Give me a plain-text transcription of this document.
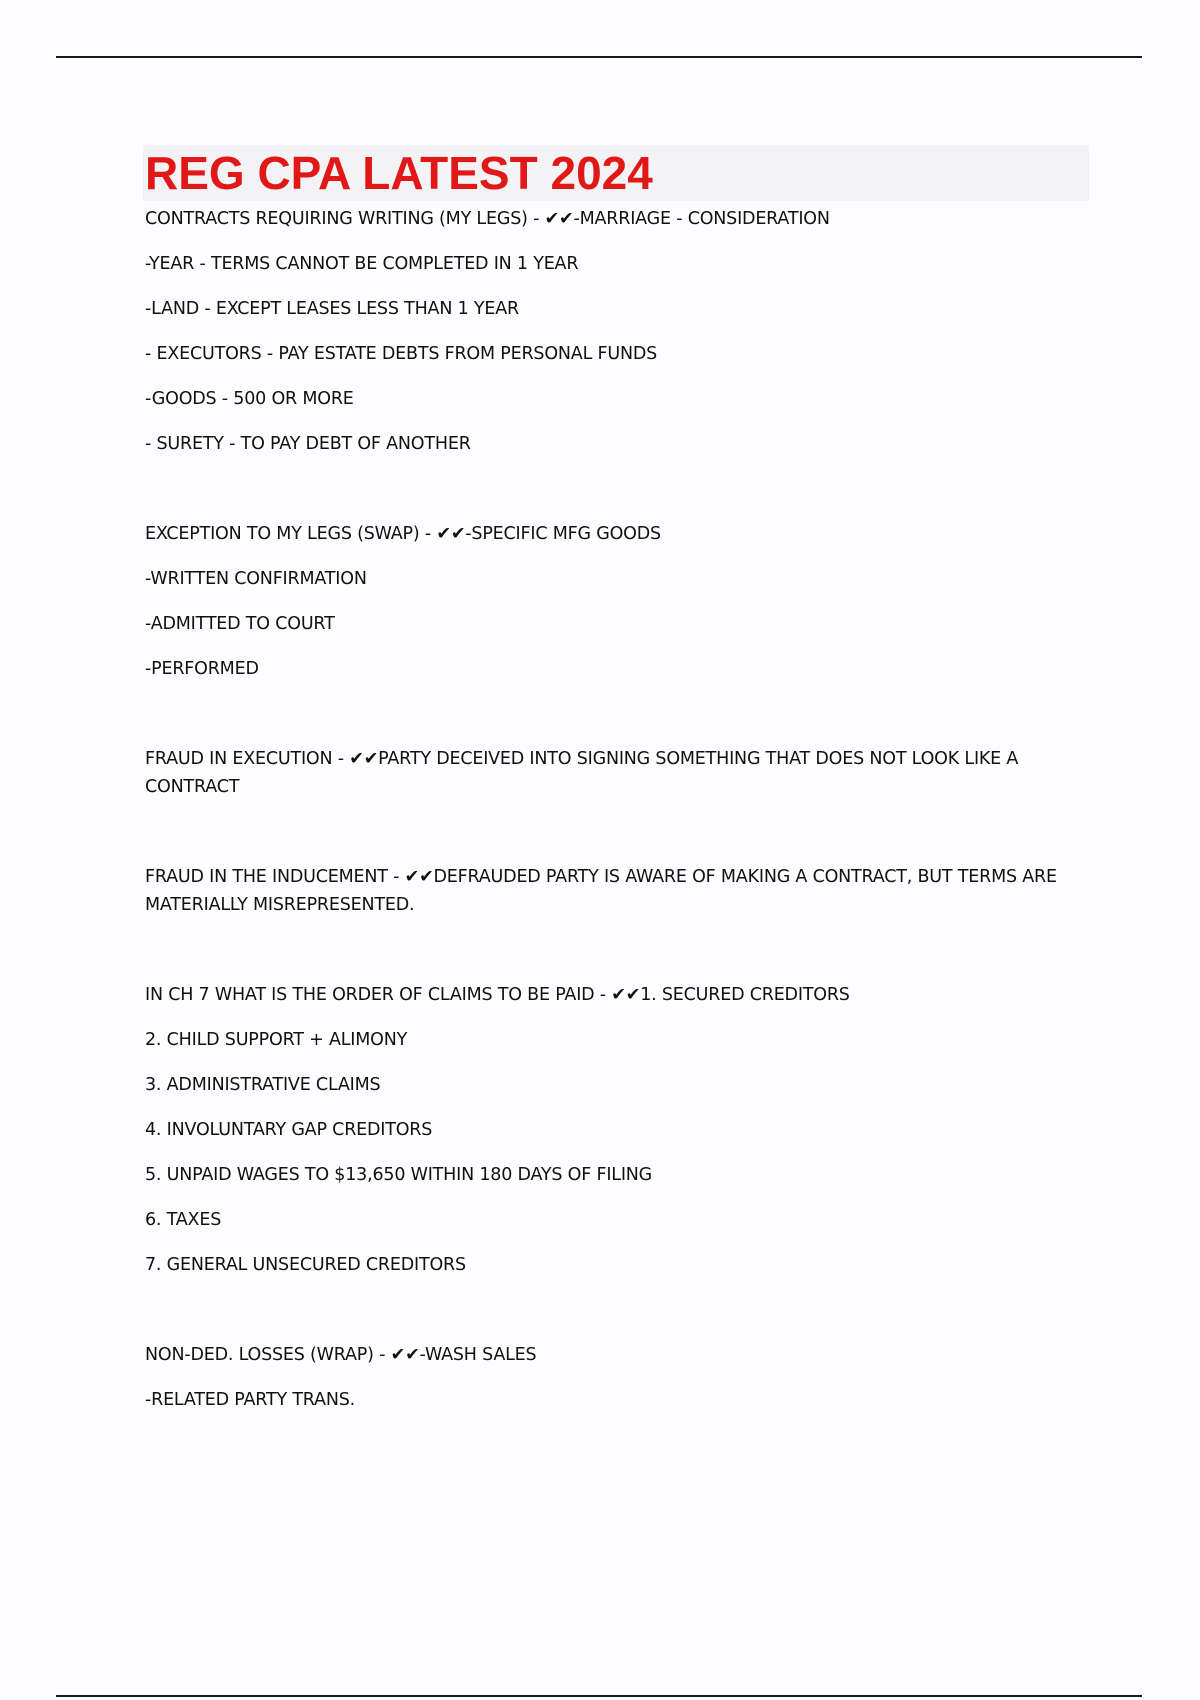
REG CPA LATEST 2024

CONTRACTS REQUIRING WRITING (MY LEGS) - ✔✔-MARRIAGE - CONSIDERATION

-YEAR - TERMS CANNOT BE COMPLETED IN 1 YEAR

-LAND - EXCEPT LEASES LESS THAN 1 YEAR

- EXECUTORS - PAY ESTATE DEBTS FROM PERSONAL FUNDS

-GOODS - 500 OR MORE

- SURETY - TO PAY DEBT OF ANOTHER

EXCEPTION TO MY LEGS (SWAP) - ✔✔-SPECIFIC MFG GOODS

-WRITTEN CONFIRMATION

-ADMITTED TO COURT

-PERFORMED

FRAUD IN EXECUTION - ✔✔PARTY DECEIVED INTO SIGNING SOMETHING THAT DOES NOT LOOK LIKE A CONTRACT

FRAUD IN THE INDUCEMENT - ✔✔DEFRAUDED PARTY IS AWARE OF MAKING A CONTRACT, BUT TERMS ARE MATERIALLY MISREPRESENTED.

IN CH 7 WHAT IS THE ORDER OF CLAIMS TO BE PAID - ✔✔1. SECURED CREDITORS

2. CHILD SUPPORT + ALIMONY

3. ADMINISTRATIVE CLAIMS

4. INVOLUNTARY GAP CREDITORS

5. UNPAID WAGES TO $13,650 WITHIN 180 DAYS OF FILING

6. TAXES

7. GENERAL UNSECURED CREDITORS

NON-DED. LOSSES (WRAP) - ✔✔-WASH SALES

-RELATED PARTY TRANS.
